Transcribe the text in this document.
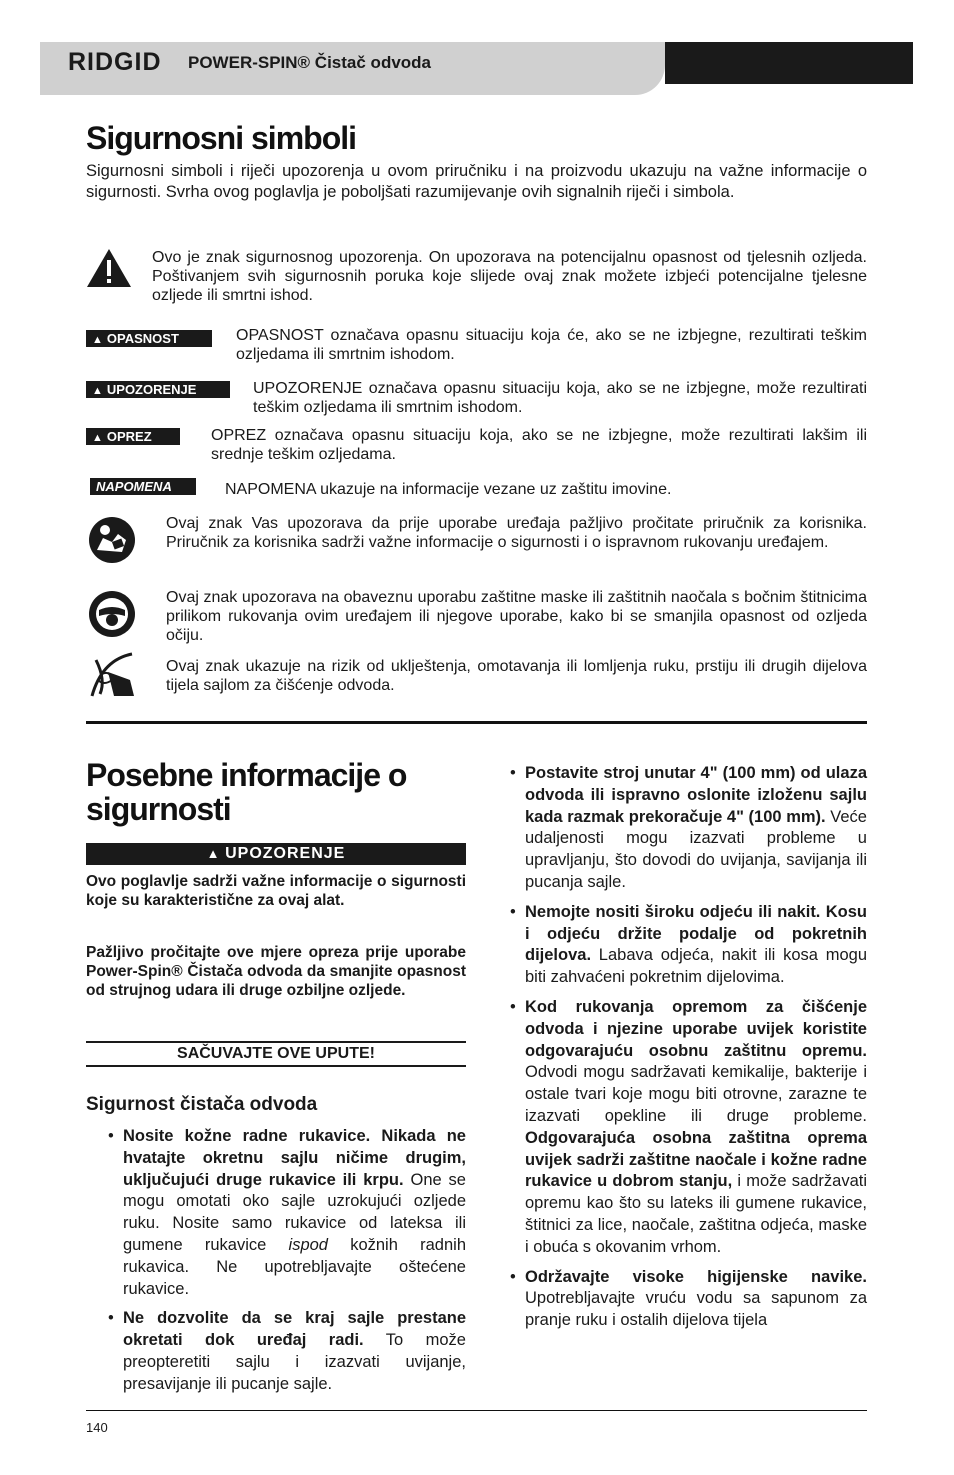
RIDGID POWER-SPIN® Čistač odvoda
Sigurnosni simboli
Sigurnosni simboli i riječi upozorenja u ovom priručniku i na proizvodu ukazuju na važne informacije o sigurnosti. Svrha ovog poglavlja je poboljšati razumijevanje ovih signalnih riječi i simbola.
Ovo je znak sigurnosnog upozorenja. On upozorava na potencijalnu opasnost od tjelesnih ozljeda. Poštivanjem svih sigurnosnih poruka koje slijede ovaj znak možete izbjeći potencijalne tjelesne ozljede ili smrtni ishod.
▲ OPASNOST	OPASNOST označava opasnu situaciju koja će, ako se ne izbjegne, rezultirati teškim ozljedama ili smrtnim ishodom.
▲ UPOZORENJE	UPOZORENJE označava opasnu situaciju koja, ako se ne izbjegne, može rezultirati teškim ozljedama ili smrtnim ishodom.
▲ OPREZ	OPREZ označava opasnu situaciju koja, ako se ne izbjegne, može rezultirati lakšim ili srednje teškim ozljedama.
NAPOMENA	NAPOMENA ukazuje na informacije vezane uz zaštitu imovine.
Ovaj znak Vas upozorava da prije uporabe uređaja pažljivo pročitate priručnik za korisnika. Priručnik za korisnika sadrži važne informacije o sigurnosti i o ispravnom rukovanju uređajem.
Ovaj znak upozorava na obaveznu uporabu zaštitne maske ili zaštitnih naočala s bočnim štitnicima prilikom rukovanja ovim uređajem ili njegove uporabe, kako bi se smanjila opasnost od ozljeda očiju.
Ovaj znak ukazuje na rizik od uklještenja, omotavanja ili lomljenja ruku, prstiju ili drugih dijelova tijela sajlom za čišćenje odvoda.
Posebne informacije o sigurnosti
▲ UPOZORENJE
Ovo poglavlje sadrži važne informacije o sigurnosti koje su karakteristične za ovaj alat.
Pažljivo pročitajte ove mjere opreza prije uporabe Power-Spin® Čistača odvoda da smanjite opasnost od strujnog udara ili druge ozbiljne ozljede.
SAČUVAJTE OVE UPUTE!
Sigurnost čistača odvoda
• Nosite kožne radne rukavice. Nikada ne hvatajte okretnu sajlu ničime drugim, uključujući druge rukavice ili krpu. One se mogu omotati oko sajle uzrokujući ozljede ruku. Nosite samo rukavice od lateksa ili gumene rukavice ispod kožnih radnih rukavica. Ne upotrebljavajte oštećene rukavice.
• Ne dozvolite da se kraj sajle prestane okretati dok uređaj radi. To može preopteretiti sajlu i izazvati uvijanje, presavijanje ili pucanje sajle.
• Postavite stroj unutar 4" (100 mm) od ulaza odvoda ili ispravno oslonite izloženu sajlu kada razmak prekoračuje 4" (100 mm). Veće udaljenosti mogu izazvati probleme u upravljanju, što dovodi do uvijanja, savijanja ili pucanja sajle.
• Nemojte nositi široku odjeću ili nakit. Kosu i odjeću držite podalje od pokretnih dijelova. Labava odjeća, nakit ili kosa mogu biti zahvaćeni pokretnim dijelovima.
• Kod rukovanja opremom za čišćenje odvoda i njezine uporabe uvijek koristite odgovarajuću osobnu zaštitnu opremu. Odvodi mogu sadržavati kemikalije, bakterije i ostale tvari koje mogu biti otrovne, zarazne te izazvati opekline ili druge probleme. Odgovarajuća osobna zaštitna oprema uvijek sadrži zaštitne naočale i kožne radne rukavice u dobrom stanju, i može sadržavati opremu kao što su lateks ili gumene rukavice, štitnici za lice, naočale, zaštitna odjeća, maske i obuća s okovanim vrhom.
• Održavajte visoke higijenske navike. Upotrebljavajte vruću vodu sa sapunom za pranje ruku i ostalih dijelova tijela
140
